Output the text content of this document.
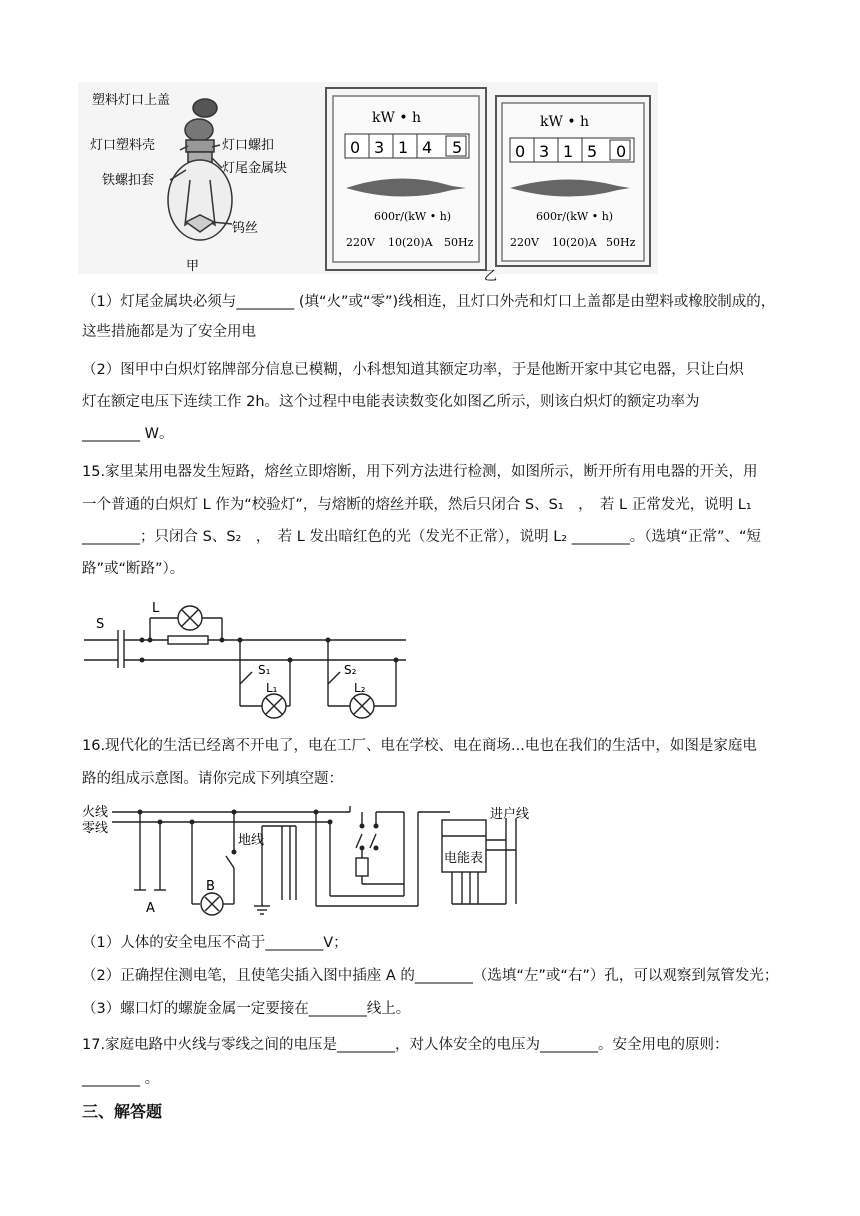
塑料灯口上盖
灯口塑料壳	灯口螺扣
灯尾金属块
铁螺扣套
钨丝
甲
kW • h
0 3 1 4 5
600r/(kW • h)
220V 10(20)A 50Hz
kW • h
0 3 1 5 0
600r/(kW • h)
220V 10(20)A 50Hz
乙
（1）灯尾金属块必须与________ (填“火”或“零”)线相连，且灯口外壳和灯口上盖都是由塑料或橡胶制成的，
这些措施都是为了安全用电
（2）图甲中白炽灯铭牌部分信息已模糊，小科想知道其额定功率，于是他断开家中其它电器，只让白炽
灯在额定电压下连续工作 2h。这个过程中电能表读数变化如图乙所示，则该白炽灯的额定功率为
________ W。
15.家里某用电器发生短路，熔丝立即熔断，用下列方法进行检测，如图所示，断开所有用电器的开关，用
一个普通的白炽灯 L 作为“校验灯”，与熔断的熔丝并联，然后只闭合 S、S₁　，　若 L 正常发光，说明 L₁
________；只闭合 S、S₂　，　若 L 发出暗红色的光（发光不正常），说明 L₂ ________。（选填“正常”、“短
路”或“断路”）。
S
L
S₁
L₁
S₂
L₂
16.现代化的生活已经离不开电了，电在工厂、电在学校、电在商场...电也在我们的生活中，如图是家庭电
路的组成示意图。请你完成下列填空题：
火线
零线
地线
进户线
电能表
A
B
（1）人体的安全电压不高于________V；
（2）正确捏住测电笔，且使笔尖插入图中插座 A 的________（选填“左”或“右”）孔，可以观察到氖管发光；
（3）螺口灯的螺旋金属一定要接在________线上。
17.家庭电路中火线与零线之间的电压是________，对人体安全的电压为________。安全用电的原则：
________ 。
三、解答题
